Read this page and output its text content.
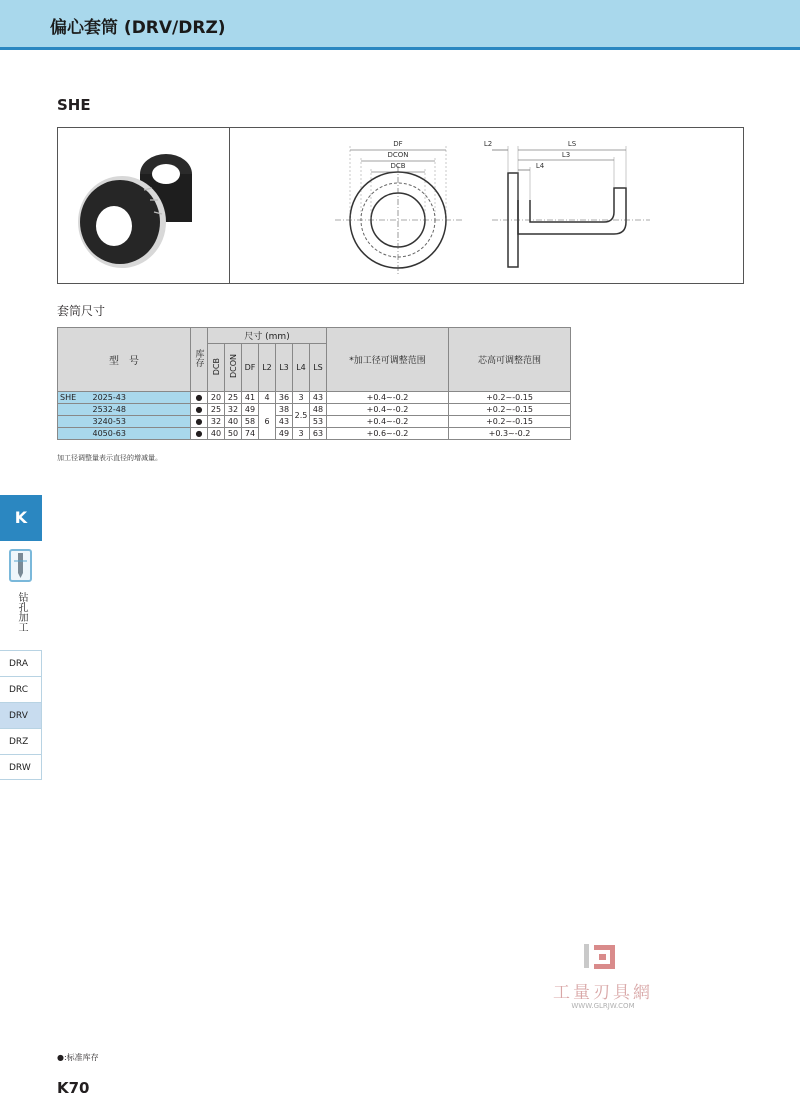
偏心套筒 (DRV/DRZ)
SHE
DF
DCON
DCB
L2	LS
L3
L4
套筒尺寸
型　号		库存	尺寸 (mm)							*加工径可调整范围	芯高可调整范围
			DCB	DCON	DF	L2	L3	L4	LS		
SHE	2025-43	●	20	25	41	4	36	3	43	+0.4~-0.2	+0.2~-0.15
	2532-48	●	25	32	49	6	38	2.5	48	+0.4~-0.2	+0.2~-0.15
	3240-53	●	32	40	58		43		53	+0.4~-0.2	+0.2~-0.15
	4050-63	●	40	50	74		49	3	63	+0.6~-0.2	+0.3~-0.2
加工径调整量表示直径的增减量。
K
钻孔加工
DRA
DRC
DRV
DRZ
DRW
工量刃具網
WWW.GLRJW.COM
●:标准库存
K70
